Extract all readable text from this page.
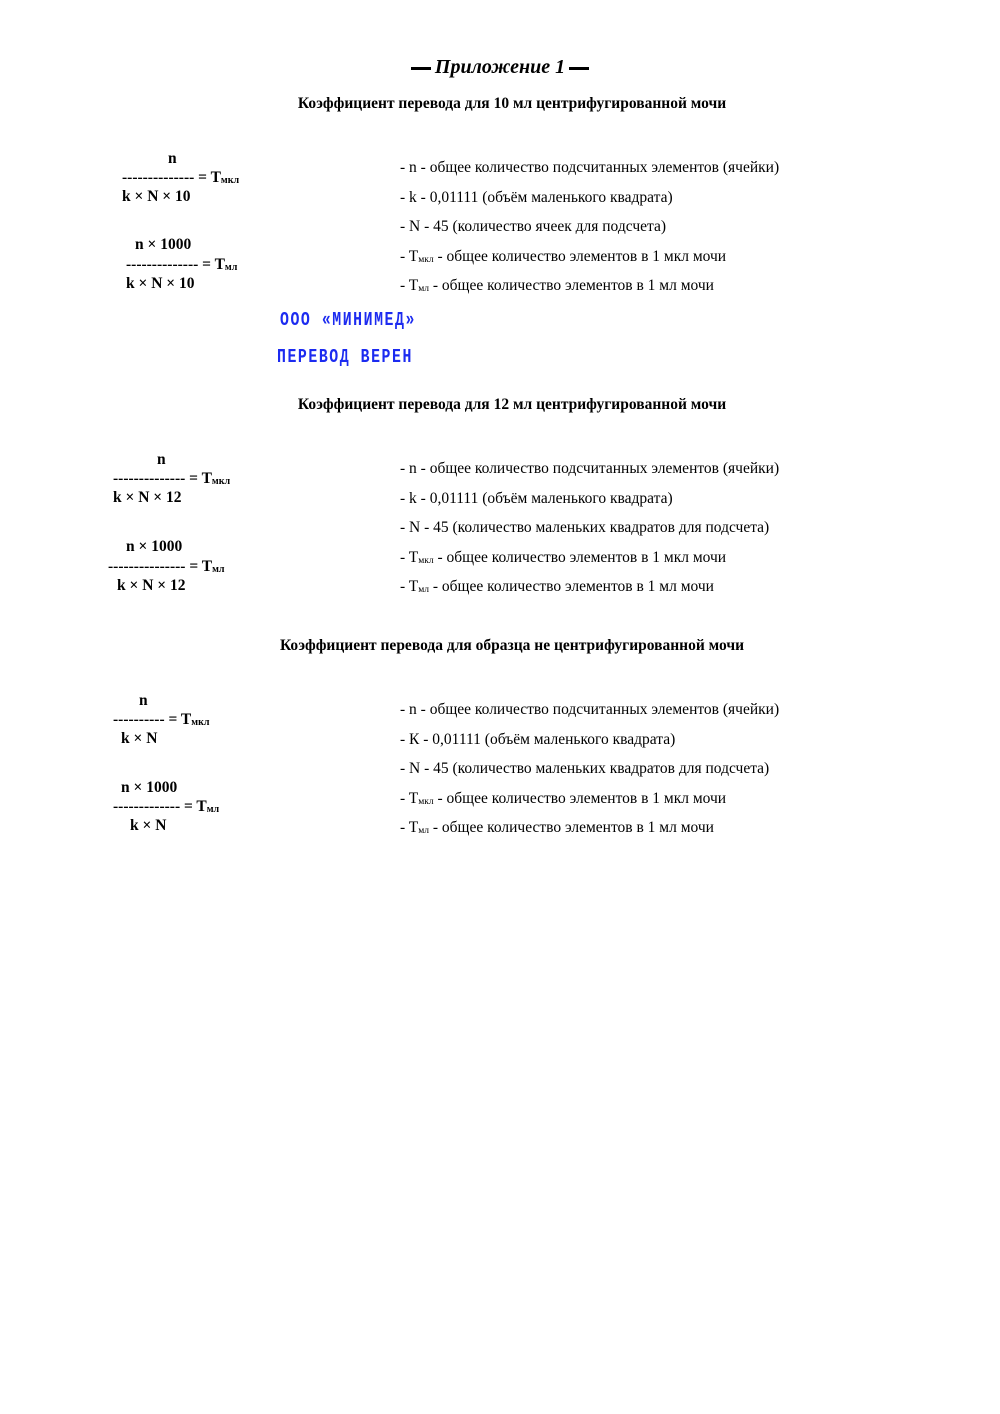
Приложение 1
ООО «МИНИМЕД»
ПЕРЕВОД ВЕРЕН
Коэффициент перевода для 10 мл центрифугированной мочи
n
-------------- = $T_{мкл}$
k × N × 10
n × 1000
-------------- = $T_{мл}$
k × N × 10
- n - общее количество подсчитанных элементов (ячейки)
- k - 0,01111 (объём маленького квадрата)
- N - 45 (количество ячеек для подсчета)
- $T_{мкл}$ - общее количество элементов в 1 мкл мочи
- $T_{мл}$ - общее количество элементов в 1 мл мочи
Коэффициент перевода для 12 мл центрифугированной мочи
n
-------------- = $T_{мкл}$
k × N × 12
n × 1000
--------------- = $T_{мл}$
k × N × 12
- n - общее количество подсчитанных элементов (ячейки)
- k - 0,01111 (объём маленького квадрата)
- N - 45 (количество маленьких квадратов для подсчета)
- $T_{мкл}$ - общее количество элементов в 1 мкл мочи
- $T_{мл}$ - общее количество элементов в 1 мл мочи
Коэффициент перевода для образца не центрифугированной мочи
n
---------- = $T_{мкл}$
k × N
n × 1000
------------- = $T_{мл}$
k × N
- n - общее количество подсчитанных элементов (ячейки)
- К - 0,01111 (объём маленького квадрата)
- N - 45 (количество маленьких квадратов для подсчета)
- $T_{мкл}$ - общее количество элементов в 1 мкл мочи
- $T_{мл}$ - общее количество элементов в 1 мл мочи
